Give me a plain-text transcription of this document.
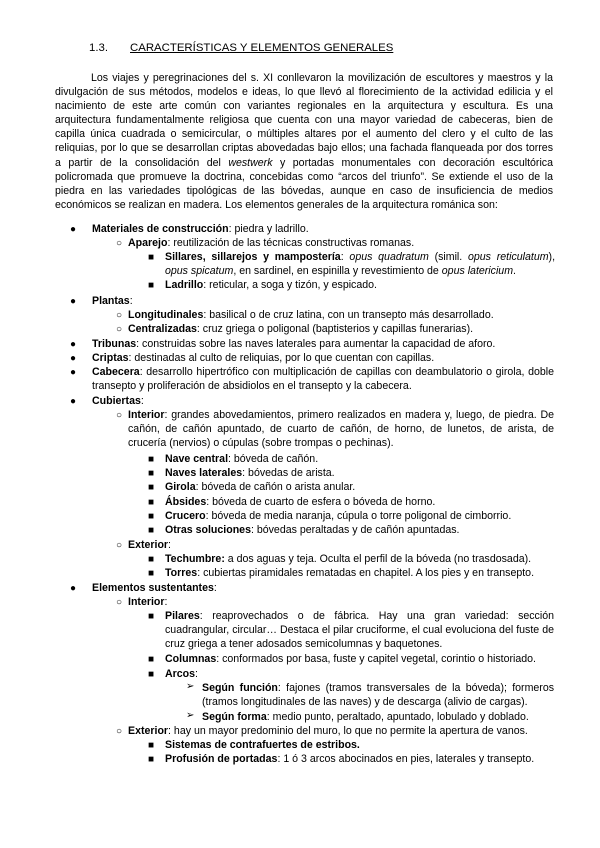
1.3. CARACTERÍSTICAS Y ELEMENTOS GENERALES

Los viajes y peregrinaciones del s. XI conllevaron la movilización de escultores y maestros y la divulgación de sus métodos, modelos e ideas, lo que llevó al florecimiento de la actividad edilicia y el nacimiento de este arte común con variantes regionales en la arquitectura y escultura. Es una arquitectura fundamentalmente religiosa que cuenta con una mayor variedad de cabeceras, bien de capilla única cuadrada o semicircular, o múltiples altares por el aumento del clero y el culto de las reliquias, por lo que se desarrollan criptas abovedadas bajo ellos; una fachada flanqueada por dos torres a partir de la consolidación del westwerk y portadas monumentales con decoración escultórica policromada que promueve la doctrina, concebidas como “arcos del triunfo”. Se extiende el uso de la piedra en las variedades tipológicas de las bóvedas, aunque en caso de insuficiencia de medios económicos se realizan en madera. Los elementos generales de la arquitectura románica son:

● Materiales de construcción: piedra y ladrillo.
○ Aparejo: reutilización de las técnicas constructivas romanas.
■ Sillares, sillarejos y mampostería: opus quadratum (simil. opus reticulatum), opus spicatum, en sardinel, en espinilla y revestimiento de opus latericium.
■ Ladrillo: reticular, a soga y tizón, y espicado.
● Plantas:
○ Longitudinales: basilical o de cruz latina, con un transepto más desarrollado.
○ Centralizadas: cruz griega o poligonal (baptisterios y capillas funerarias).
● Tribunas: construidas sobre las naves laterales para aumentar la capacidad de aforo.
● Criptas: destinadas al culto de reliquias, por lo que cuentan con capillas.
● Cabecera: desarrollo hipertrófico con multiplicación de capillas con deambulatorio o girola, doble transepto y proliferación de absidiolos en el transepto y la cabecera.
● Cubiertas:
○ Interior: grandes abovedamientos, primero realizados en madera y, luego, de piedra. De cañón, de cañón apuntado, de cuarto de cañón, de horno, de lunetos, de arista, de crucería (nervios) o cúpulas (sobre trompas o pechinas).
■ Nave central: bóveda de cañón.
■ Naves laterales: bóvedas de arista.
■ Girola: bóveda de cañón o arista anular.
■ Ábsides: bóveda de cuarto de esfera o bóveda de horno.
■ Crucero: bóveda de media naranja, cúpula o torre poligonal de cimborrio.
■ Otras soluciones: bóvedas peraltadas y de cañón apuntadas.
○ Exterior:
■ Techumbre: a dos aguas y teja. Oculta el perfil de la bóveda (no trasdosada).
■ Torres: cubiertas piramidales rematadas en chapitel. A los pies y en transepto.
● Elementos sustentantes:
○ Interior:
■ Pilares: reaprovechados o de fábrica. Hay una gran variedad: sección cuadrangular, circular… Destaca el pilar cruciforme, el cual evoluciona del fuste de cruz griega a tener adosados semicolumnas y baquetones.
■ Columnas: conformados por basa, fuste y capitel vegetal, corintio o historiado.
■ Arcos:
➢ Según función: fajones (tramos transversales de la bóveda); formeros (tramos longitudinales de las naves) y de descarga (alivio de cargas).
➢ Según forma: medio punto, peraltado, apuntado, lobulado y doblado.
○ Exterior: hay un mayor predominio del muro, lo que no permite la apertura de vanos.
■ Sistemas de contrafuertes de estribos.
■ Profusión de portadas: 1 ó 3 arcos abocinados en pies, laterales y transepto.
